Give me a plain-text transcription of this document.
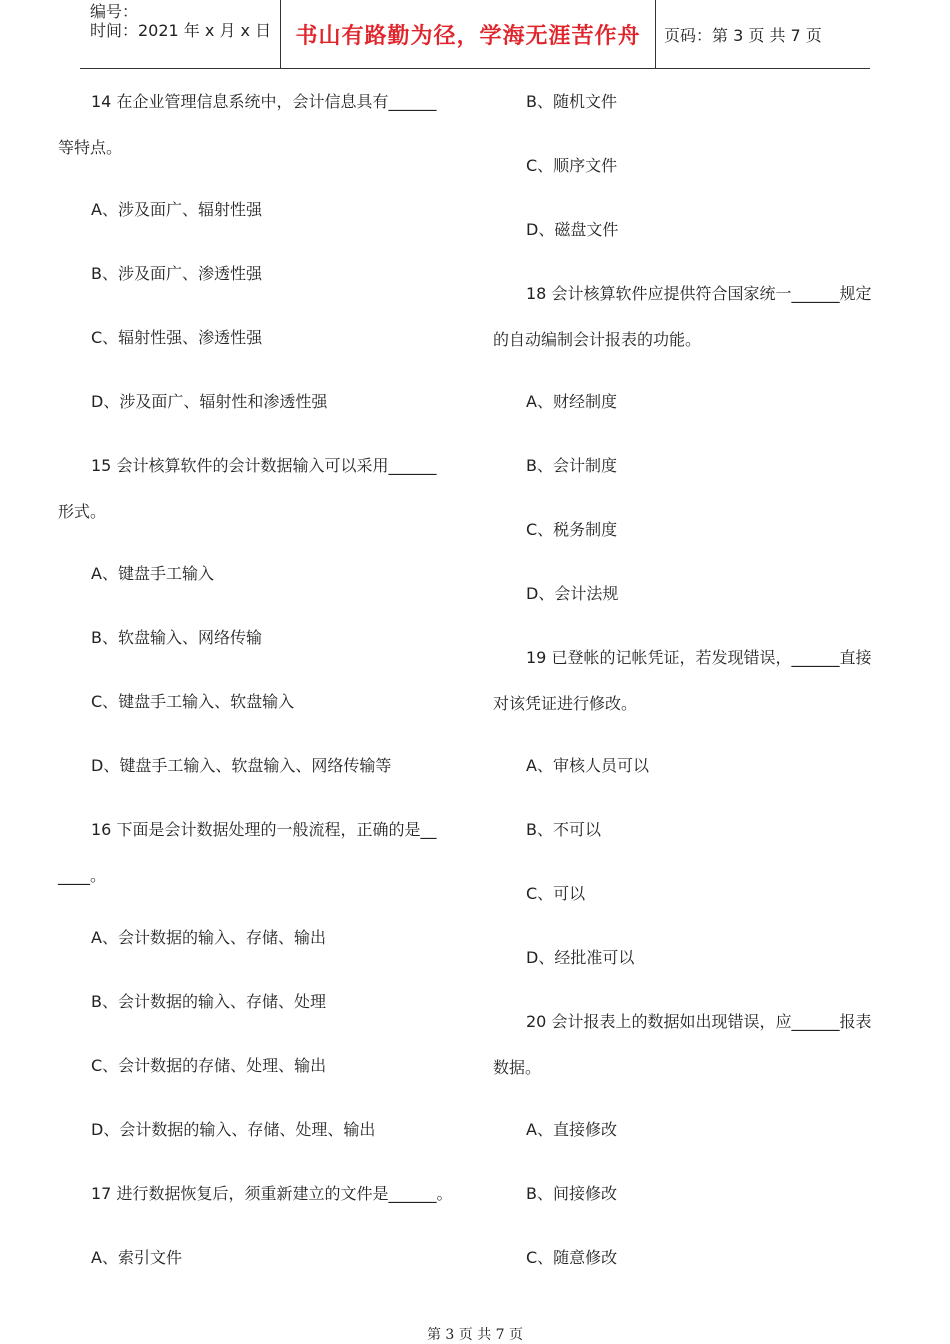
编号：
时间：2021 年 x 月 x 日	书山有路勤为径，学海无涯苦作舟	页码：第 3 页 共 7 页
14 在企业管理信息系统中，会计信息具有______
等特点。
A、涉及面广、辐射性强
B、涉及面广、渗透性强
C、辐射性强、渗透性强
D、涉及面广、辐射性和渗透性强
15 会计核算软件的会计数据输入可以采用______
形式。
A、键盘手工输入
B、软盘输入、网络传输
C、键盘手工输入、软盘输入
D、键盘手工输入、软盘输入、网络传输等
16 下面是会计数据处理的一般流程，正确的是__
____。
A、会计数据的输入、存储、输出
B、会计数据的输入、存储、处理
C、会计数据的存储、处理、输出
D、会计数据的输入、存储、处理、输出
17 进行数据恢复后，须重新建立的文件是______。
A、索引文件
B、随机文件
C、顺序文件
D、磁盘文件
18 会计核算软件应提供符合国家统一______规定
的自动编制会计报表的功能。
A、财经制度
B、会计制度
C、税务制度
D、会计法规
19 已登帐的记帐凭证，若发现错误，______直接
对该凭证进行修改。
A、审核人员可以
B、不可以
C、可以
D、经批准可以
20 会计报表上的数据如出现错误，应______报表
数据。
A、直接修改
B、间接修改
C、随意修改
第 3 页 共 7 页
